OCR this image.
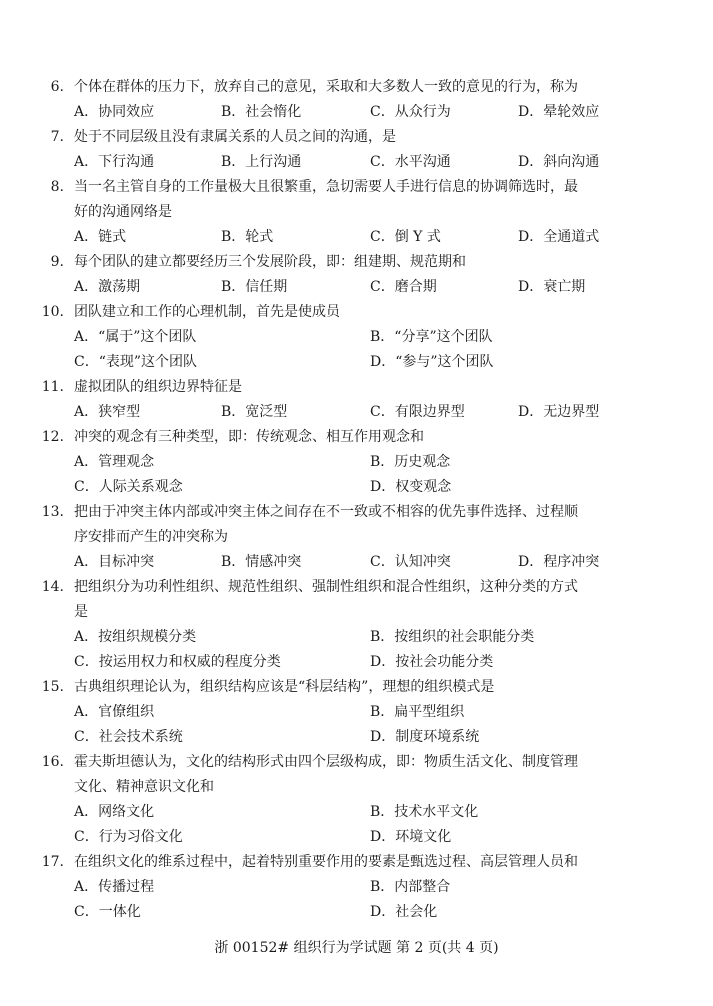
6. 个体在群体的压力下，放弃自己的意见，采取和大多数人一致的意见的行为，称为
A．协同效应	B．社会惰化	C．从众行为	D．晕轮效应
7. 处于不同层级且没有隶属关系的人员之间的沟通，是
A．下行沟通	B．上行沟通	C．水平沟通	D．斜向沟通
8. 当一名主管自身的工作量极大且很繁重，急切需要人手进行信息的协调筛选时，最
好的沟通网络是
A．链式	B．轮式	C．倒 Y 式	D．全通道式
9. 每个团队的建立都要经历三个发展阶段，即：组建期、规范期和
A．激荡期	B．信任期	C．磨合期	D．衰亡期
10. 团队建立和工作的心理机制，首先是使成员
A．“属于”这个团队	B．“分享”这个团队
C．“表现”这个团队	D．“参与”这个团队
11. 虚拟团队的组织边界特征是
A．狭窄型	B．宽泛型	C．有限边界型	D．无边界型
12. 冲突的观念有三种类型，即：传统观念、相互作用观念和
A．管理观念	B．历史观念
C．人际关系观念	D．权变观念
13. 把由于冲突主体内部或冲突主体之间存在不一致或不相容的优先事件选择、过程顺
序安排而产生的冲突称为
A．目标冲突	B．情感冲突	C．认知冲突	D．程序冲突
14. 把组织分为功利性组织、规范性组织、强制性组织和混合性组织，这种分类的方式
是
A．按组织规模分类	B．按组织的社会职能分类
C．按运用权力和权威的程度分类	D．按社会功能分类
15. 古典组织理论认为，组织结构应该是“科层结构”，理想的组织模式是
A．官僚组织	B．扁平型组织
C．社会技术系统	D．制度环境系统
16. 霍夫斯坦德认为，文化的结构形式由四个层级构成，即：物质生活文化、制度管理
文化、精神意识文化和
A．网络文化	B．技术水平文化
C．行为习俗文化	D．环境文化
17. 在组织文化的维系过程中，起着特别重要作用的要素是甄选过程、高层管理人员和
A．传播过程	B．内部整合
C．一体化	D．社会化
浙 00152# 组织行为学试题 第 2 页(共 4 页)
